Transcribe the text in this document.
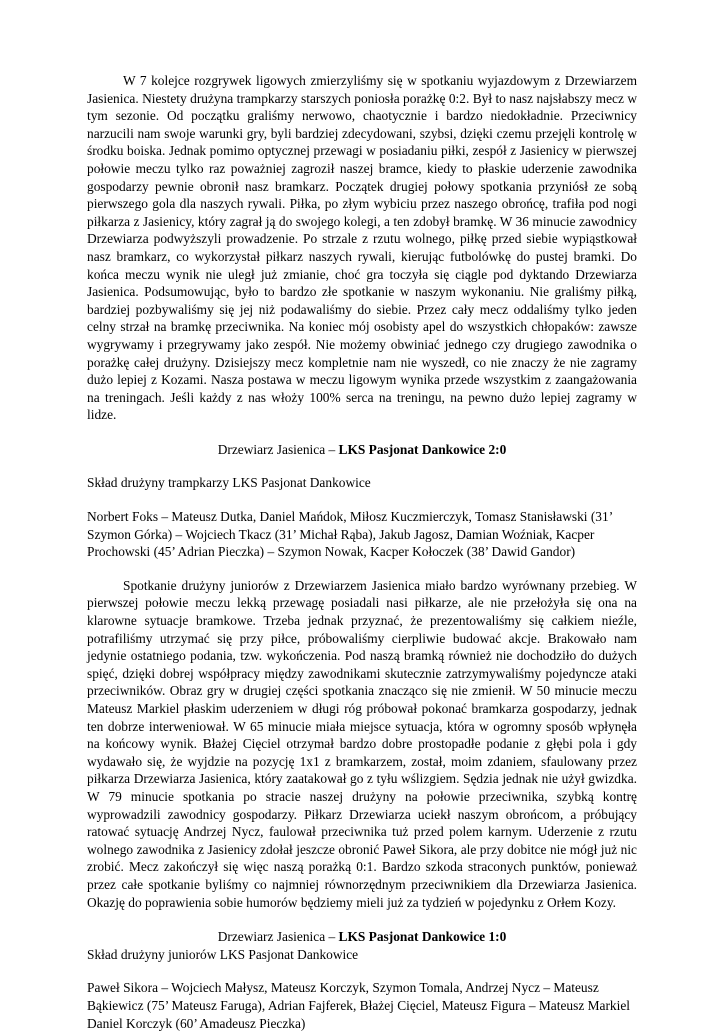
W 7 kolejce rozgrywek ligowych zmierzyliśmy się w spotkaniu wyjazdowym z Drzewiarzem Jasienica. Niestety drużyna trampkarzy starszych poniosła porażkę 0:2. Był to nasz najsłabszy mecz w tym sezonie. Od początku graliśmy nerwowo, chaotycznie i bardzo niedokładnie. Przeciwnicy narzucili nam swoje warunki gry, byli bardziej zdecydowani, szybsi, dzięki czemu przejęli kontrolę w środku boiska. Jednak pomimo optycznej przewagi w posiadaniu piłki, zespół z Jasienicy w pierwszej połowie meczu tylko raz poważniej zagroził naszej bramce, kiedy to płaskie uderzenie zawodnika gospodarzy pewnie obronił nasz bramkarz. Początek drugiej połowy spotkania przyniósł ze sobą pierwszego gola dla naszych rywali. Piłka, po złym wybiciu przez naszego obrońcę, trafiła pod nogi piłkarza z Jasienicy, który zagrał ją do swojego kolegi, a ten zdobył bramkę. W 36 minucie zawodnicy Drzewiarza podwyższyli prowadzenie. Po strzale z rzutu wolnego, piłkę przed siebie wypiąstkował nasz bramkarz, co wykorzystał piłkarz naszych rywali, kierując futbolówkę do pustej bramki. Do końca meczu wynik nie uległ już zmianie, choć gra toczyła się ciągle pod dyktando Drzewiarza Jasienica. Podsumowując, było to bardzo złe spotkanie w naszym wykonaniu. Nie graliśmy piłką, bardziej pozbywaliśmy się jej niż podawaliśmy do siebie. Przez cały mecz oddaliśmy tylko jeden celny strzał na bramkę przeciwnika. Na koniec mój osobisty apel do wszystkich chłopaków: zawsze wygrywamy i przegrywamy jako zespół. Nie możemy obwiniać jednego czy drugiego zawodnika o porażkę całej drużyny. Dzisiejszy mecz kompletnie nam nie wyszedł, co nie znaczy że nie zagramy dużo lepiej z Kozami. Nasza postawa w meczu ligowym wynika przede wszystkim z zaangażowania na treningach. Jeśli każdy z nas włoży 100% serca na treningu, na pewno dużo lepiej zagramy w lidze.

Drzewiarz Jasienica – LKS Pasjonat Dankowice 2:0

Skład drużyny trampkarzy LKS Pasjonat Dankowice

Norbert Foks – Mateusz Dutka, Daniel Mańdok, Miłosz Kuczmierczyk, Tomasz Stanisławski (31’ Szymon Górka) – Wojciech Tkacz (31’ Michał Rąba), Jakub Jagosz, Damian Woźniak, Kacper Prochowski (45’ Adrian Pieczka) – Szymon Nowak, Kacper Kołoczek (38’ Dawid Gandor)

Spotkanie drużyny juniorów z Drzewiarzem Jasienica miało bardzo wyrównany przebieg. W pierwszej połowie meczu lekką przewagę posiadali nasi piłkarze, ale nie przełożyła się ona na klarowne sytuacje bramkowe. Trzeba jednak przyznać, że prezentowaliśmy się całkiem nieźle, potrafiliśmy utrzymać się przy piłce, próbowaliśmy cierpliwie budować akcje. Brakowało nam jedynie ostatniego podania, tzw. wykończenia. Pod naszą bramką również nie dochodziło do dużych spięć, dzięki dobrej współpracy między zawodnikami skutecznie zatrzymywaliśmy pojedyncze ataki przeciwników. Obraz gry w drugiej części spotkania znacząco się nie zmienił. W 50 minucie meczu Mateusz Markiel płaskim uderzeniem w długi róg próbował pokonać bramkarza gospodarzy, jednak ten dobrze interweniował. W 65 minucie miała miejsce sytuacja, która w ogromny sposób wpłynęła na końcowy wynik. Błażej Cięciel otrzymał bardzo dobre prostopadłe podanie z głębi pola i gdy wydawało się, że wyjdzie na pozycję 1x1 z bramkarzem, został, moim zdaniem, sfaulowany przez piłkarza Drzewiarza Jasienica, który zaatakował go z tyłu wślizgiem. Sędzia jednak nie użył gwizdka. W 79 minucie spotkania po stracie naszej drużyny na połowie przeciwnika, szybką kontrę wyprowadzili zawodnicy gospodarzy. Piłkarz Drzewiarza uciekł naszym obrońcom, a próbujący ratować sytuację Andrzej Nycz, faulował przeciwnika tuż przed polem karnym. Uderzenie z rzutu wolnego zawodnika z Jasienicy zdołał jeszcze obronić Paweł Sikora, ale przy dobitce nie mógł już nic zrobić. Mecz zakończył się więc naszą porażką 0:1. Bardzo szkoda straconych punktów, ponieważ przez całe spotkanie byliśmy co najmniej równorzędnym przeciwnikiem dla Drzewiarza Jasienica. Okazję do poprawienia sobie humorów będziemy mieli już za tydzień w pojedynku z Orłem Kozy.

Drzewiarz Jasienica – LKS Pasjonat Dankowice 1:0

Skład drużyny juniorów LKS Pasjonat Dankowice

Paweł Sikora – Wojciech Małysz, Mateusz Korczyk, Szymon Tomala, Andrzej Nycz – Mateusz Bąkiewicz (75’ Mateusz Faruga), Adrian Fajferek, Błażej Cięciel, Mateusz Figura – Mateusz Markiel Daniel Korczyk (60’ Amadeusz Pieczka)
